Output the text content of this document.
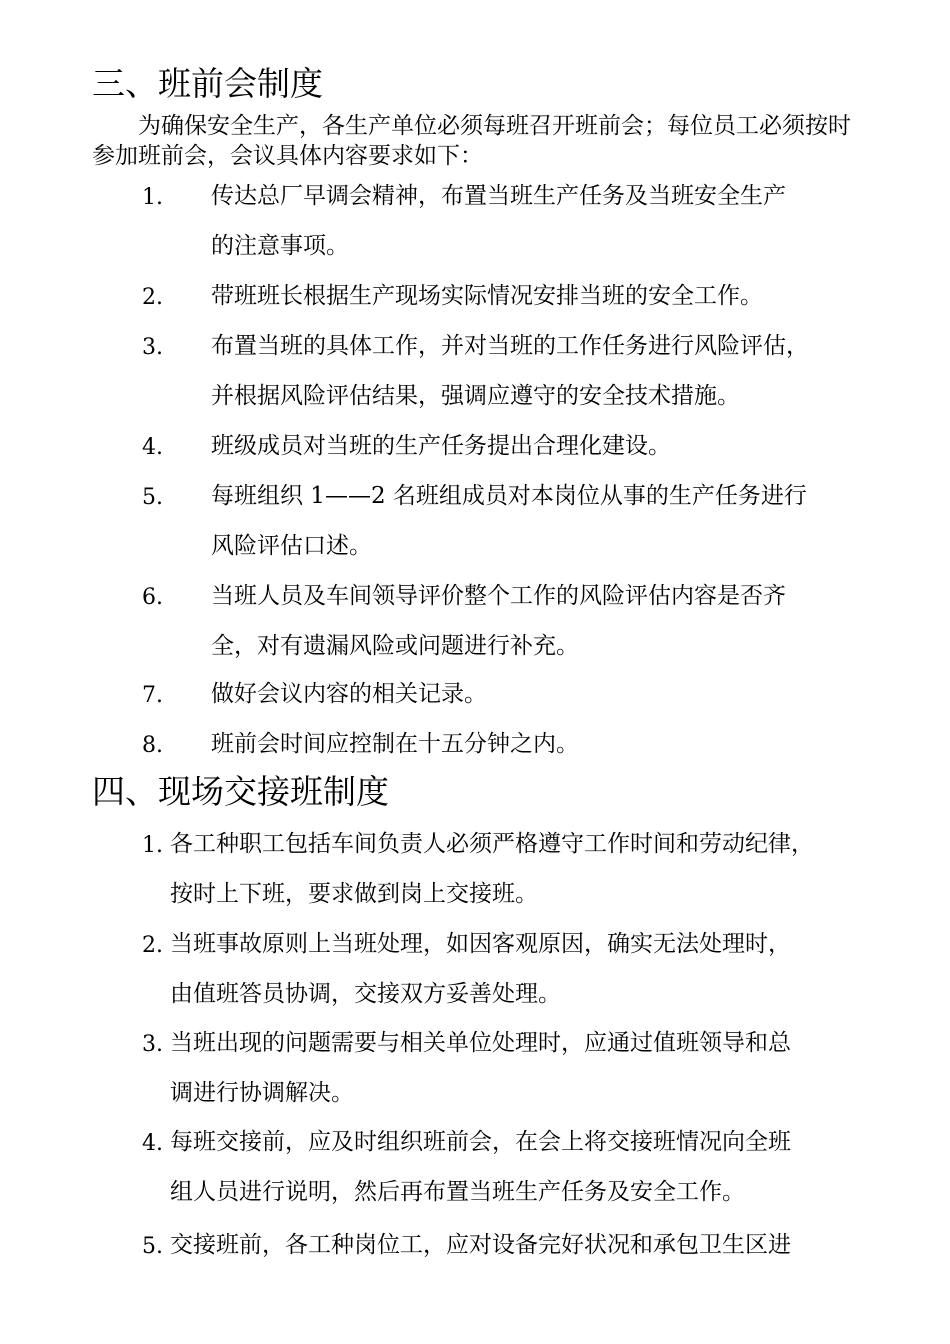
三、班前会制度
为确保安全生产，各生产单位必须每班召开班前会；每位员工必须按时参加班前会，会议具体内容要求如下：
1. 传达总厂早调会精神，布置当班生产任务及当班安全生产
的注意事项。
2. 带班班长根据生产现场实际情况安排当班的安全工作。
3. 布置当班的具体工作，并对当班的工作任务进行风险评估，
并根据风险评估结果，强调应遵守的安全技术措施。
4. 班级成员对当班的生产任务提出合理化建设。
5. 每班组织 1——2 名班组成员对本岗位从事的生产任务进行
风险评估口述。
6. 当班人员及车间领导评价整个工作的风险评估内容是否齐
全，对有遗漏风险或问题进行补充。
7. 做好会议内容的相关记录。
8. 班前会时间应控制在十五分钟之内。
四、现场交接班制度
1. 各工种职工包括车间负责人必须严格遵守工作时间和劳动纪律，
按时上下班，要求做到岗上交接班。
2. 当班事故原则上当班处理，如因客观原因，确实无法处理时，
由值班答员协调，交接双方妥善处理。
3. 当班出现的问题需要与相关单位处理时，应通过值班领导和总
调进行协调解决。
4. 每班交接前，应及时组织班前会，在会上将交接班情况向全班
组人员进行说明，然后再布置当班生产任务及安全工作。
5. 交接班前，各工种岗位工，应对设备完好状况和承包卫生区进
